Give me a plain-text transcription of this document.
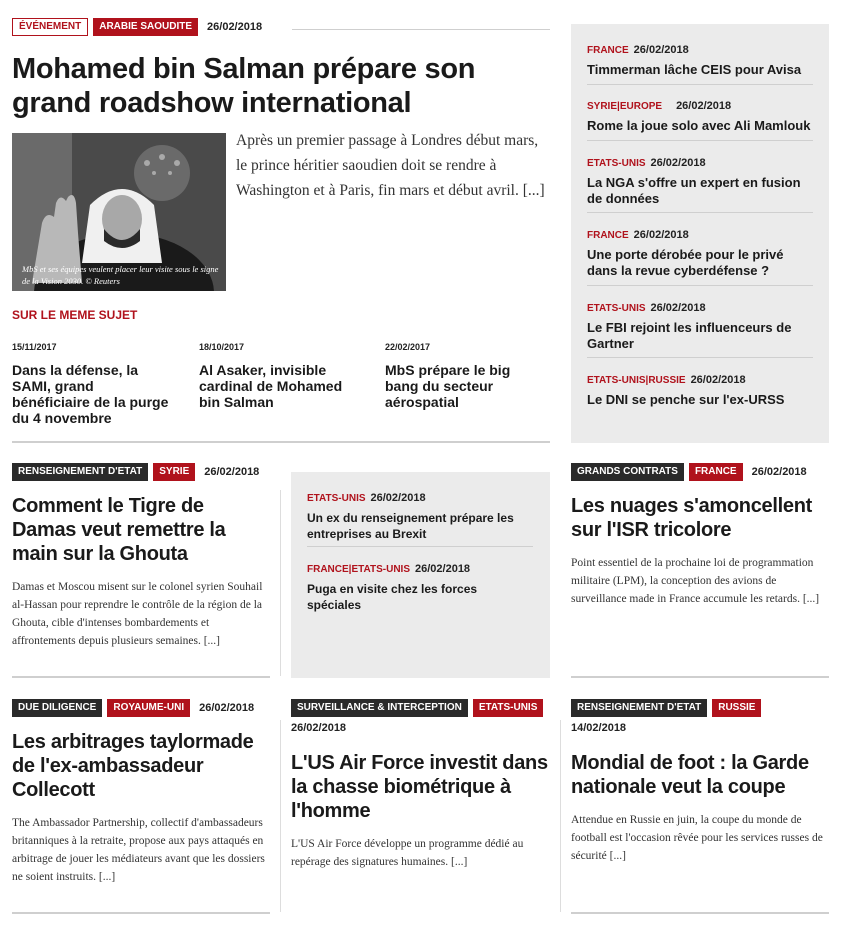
ÉVÉNEMENT ARABIE SAOUDITE 26/02/2018
Mohamed bin Salman prépare son
grand roadshow international
MbS et ses équipes veulent placer leur visite sous le signe de la Vision 2030. © Reuters

Après un premier passage à Londres début mars, le prince héritier saoudien doit se rendre à Washington et à Paris, fin mars et début avril. [...]

SUR LE MEME SUJET
15/11/2017
Dans la défense, la SAMI, grand bénéficiaire de la purge du 4 novembre
18/10/2017
Al Asaker, invisible cardinal de Mohamed bin Salman
22/02/2017
MbS prépare le big bang du secteur aérospatial
FRANCE 26/02/2018
Timmerman lâche CEIS pour Avisa
SYRIE|EUROPE 26/02/2018
Rome la joue solo avec Ali Mamlouk
ETATS-UNIS 26/02/2018
La NGA s'offre un expert en fusion de données
FRANCE 26/02/2018
Une porte dérobée pour le privé dans la revue cyberdéfense ?
ETATS-UNIS 26/02/2018
Le FBI rejoint les influenceurs de Gartner
ETATS-UNIS|RUSSIE 26/02/2018
Le DNI se penche sur l'ex-URSS
RENSEIGNEMENT D'ETAT SYRIE 26/02/2018
Comment le Tigre de Damas veut remettre la main sur la Ghouta

Damas et Moscou misent sur le colonel syrien Souhail al-Hassan pour reprendre le contrôle de la région de la Ghouta, cible d'intenses bombardements et affrontements depuis plusieurs semaines. [...]

ETATS-UNIS 26/02/2018
Un ex du renseignement prépare les entreprises au Brexit
FRANCE|ETATS-UNIS 26/02/2018
Puga en visite chez les forces spéciales
GRANDS CONTRATS FRANCE 26/02/2018
Les nuages s'amoncellent sur l'ISR tricolore

Point essentiel de la prochaine loi de programmation militaire (LPM), la conception des avions de surveillance made in France accumule les retards. [...]

DUE DILIGENCE ROYAUME-UNI 26/02/2018
Les arbitrages taylormade de l'ex-ambassadeur Collecott

The Ambassador Partnership, collectif d'ambassadeurs britanniques à la retraite, propose aux pays attaqués en arbitrage de jouer les médiateurs avant que les dossiers ne soient instruits. [...]

SURVEILLANCE & INTERCEPTION ETATS-UNIS
26/02/2018
L'US Air Force investit dans la chasse biométrique à l'homme

L'US Air Force développe un programme dédié au repérage des signatures humaines. [...]

RENSEIGNEMENT D'ETAT RUSSIE
14/02/2018
Mondial de foot : la Garde nationale veut la coupe

Attendue en Russie en juin, la coupe du monde de football est l'occasion rêvée pour les services russes de sécurité [...]
